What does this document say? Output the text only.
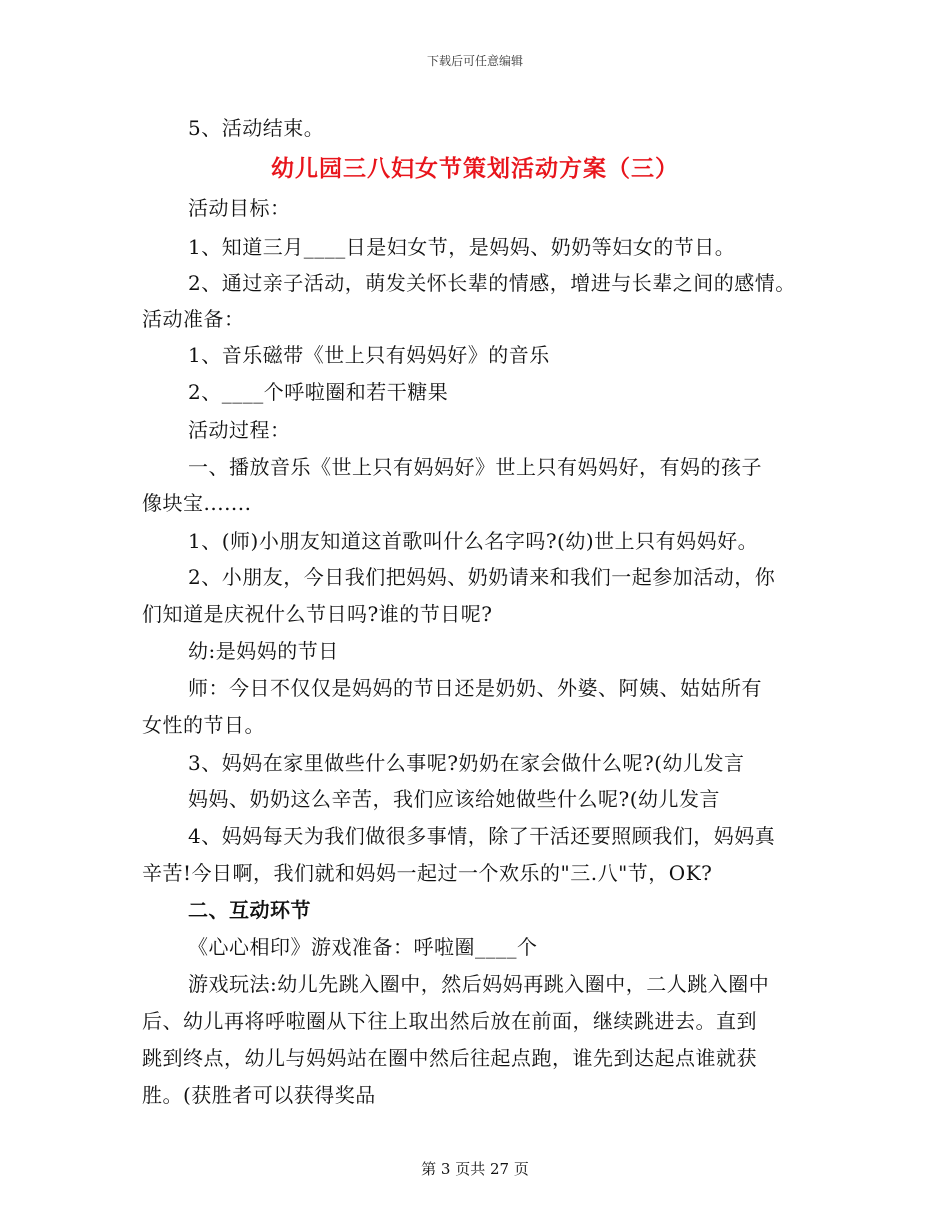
下载后可任意编辑
5、活动结束。
幼儿园三八妇女节策划活动方案（三）
活动目标：
1、知道三月____日是妇女节，是妈妈、奶奶等妇女的节日。
2、通过亲子活动，萌发关怀长辈的情感，增进与长辈之间的感情。
活动准备：
1、音乐磁带《世上只有妈妈好》的音乐
2、____个呼啦圈和若干糖果
活动过程：
一、播放音乐《世上只有妈妈好》世上只有妈妈好，有妈的孩子
像块宝.......
1、(师)小朋友知道这首歌叫什么名字吗?(幼)世上只有妈妈好。
2、小朋友，今日我们把妈妈、奶奶请来和我们一起参加活动，你
们知道是庆祝什么节日吗?谁的节日呢?
幼:是妈妈的节日
师：今日不仅仅是妈妈的节日还是奶奶、外婆、阿姨、姑姑所有
女性的节日。
3、妈妈在家里做些什么事呢?奶奶在家会做什么呢?(幼儿发言
妈妈、奶奶这么辛苦，我们应该给她做些什么呢?(幼儿发言
4、妈妈每天为我们做很多事情，除了干活还要照顾我们，妈妈真
辛苦!今日啊，我们就和妈妈一起过一个欢乐的"三.八"节，OK?
二、互动环节
《心心相印》游戏准备：呼啦圈____个
游戏玩法:幼儿先跳入圈中，然后妈妈再跳入圈中，二人跳入圈中
后、幼儿再将呼啦圈从下往上取出然后放在前面，继续跳进去。直到
跳到终点，幼儿与妈妈站在圈中然后往起点跑，谁先到达起点谁就获
胜。(获胜者可以获得奖品
第 3 页共 27 页
